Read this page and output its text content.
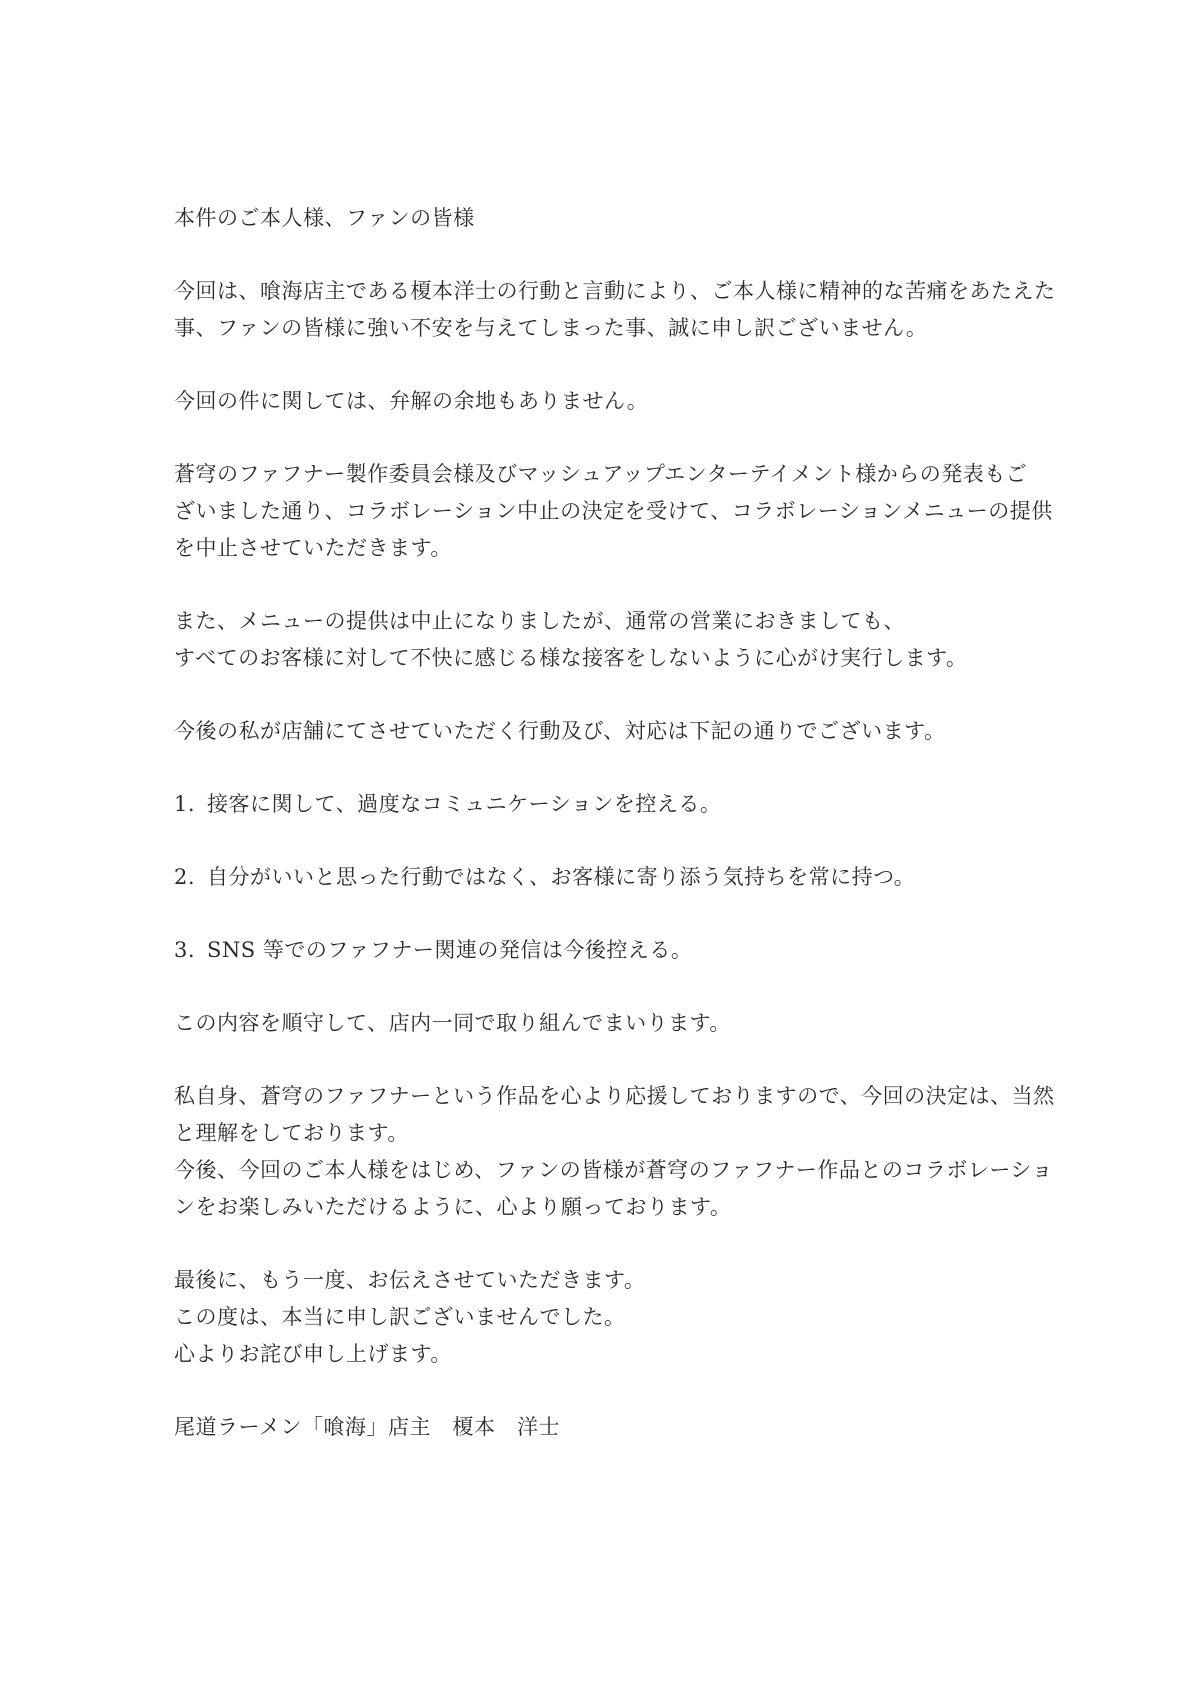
本件のご本人様、ファンの皆様

今回は、喰海店主である榎本洋士の行動と言動により、ご本人様に精神的な苦痛をあたえた
事、ファンの皆様に強い不安を与えてしまった事、誠に申し訳ございません。

今回の件に関しては、弁解の余地もありません。

蒼穹のファフナー製作委員会様及びマッシュアップエンターテイメント様からの発表もご
ざいました通り、コラボレーション中止の決定を受けて、コラボレーションメニューの提供
を中止させていただきます。

また、メニューの提供は中止になりましたが、通常の営業におきましても、
すべてのお客様に対して不快に感じる様な接客をしないように心がけ実行します。

今後の私が店舗にてさせていただく行動及び、対応は下記の通りでございます。

1. 接客に関して、過度なコミュニケーションを控える。
2. 自分がいいと思った行動ではなく、お客様に寄り添う気持ちを常に持つ。
3. SNS 等でのファフナー関連の発信は今後控える。

この内容を順守して、店内一同で取り組んでまいります。

私自身、蒼穹のファフナーという作品を心より応援しておりますので、今回の決定は、当然
と理解をしております。
今後、今回のご本人様をはじめ、ファンの皆様が蒼穹のファフナー作品とのコラボレーショ
ンをお楽しみいただけるように、心より願っております。

最後に、もう一度、お伝えさせていただきます。
この度は、本当に申し訳ございませんでした。
心よりお詫び申し上げます。

尾道ラーメン「喰海」店主　榎本　洋士
